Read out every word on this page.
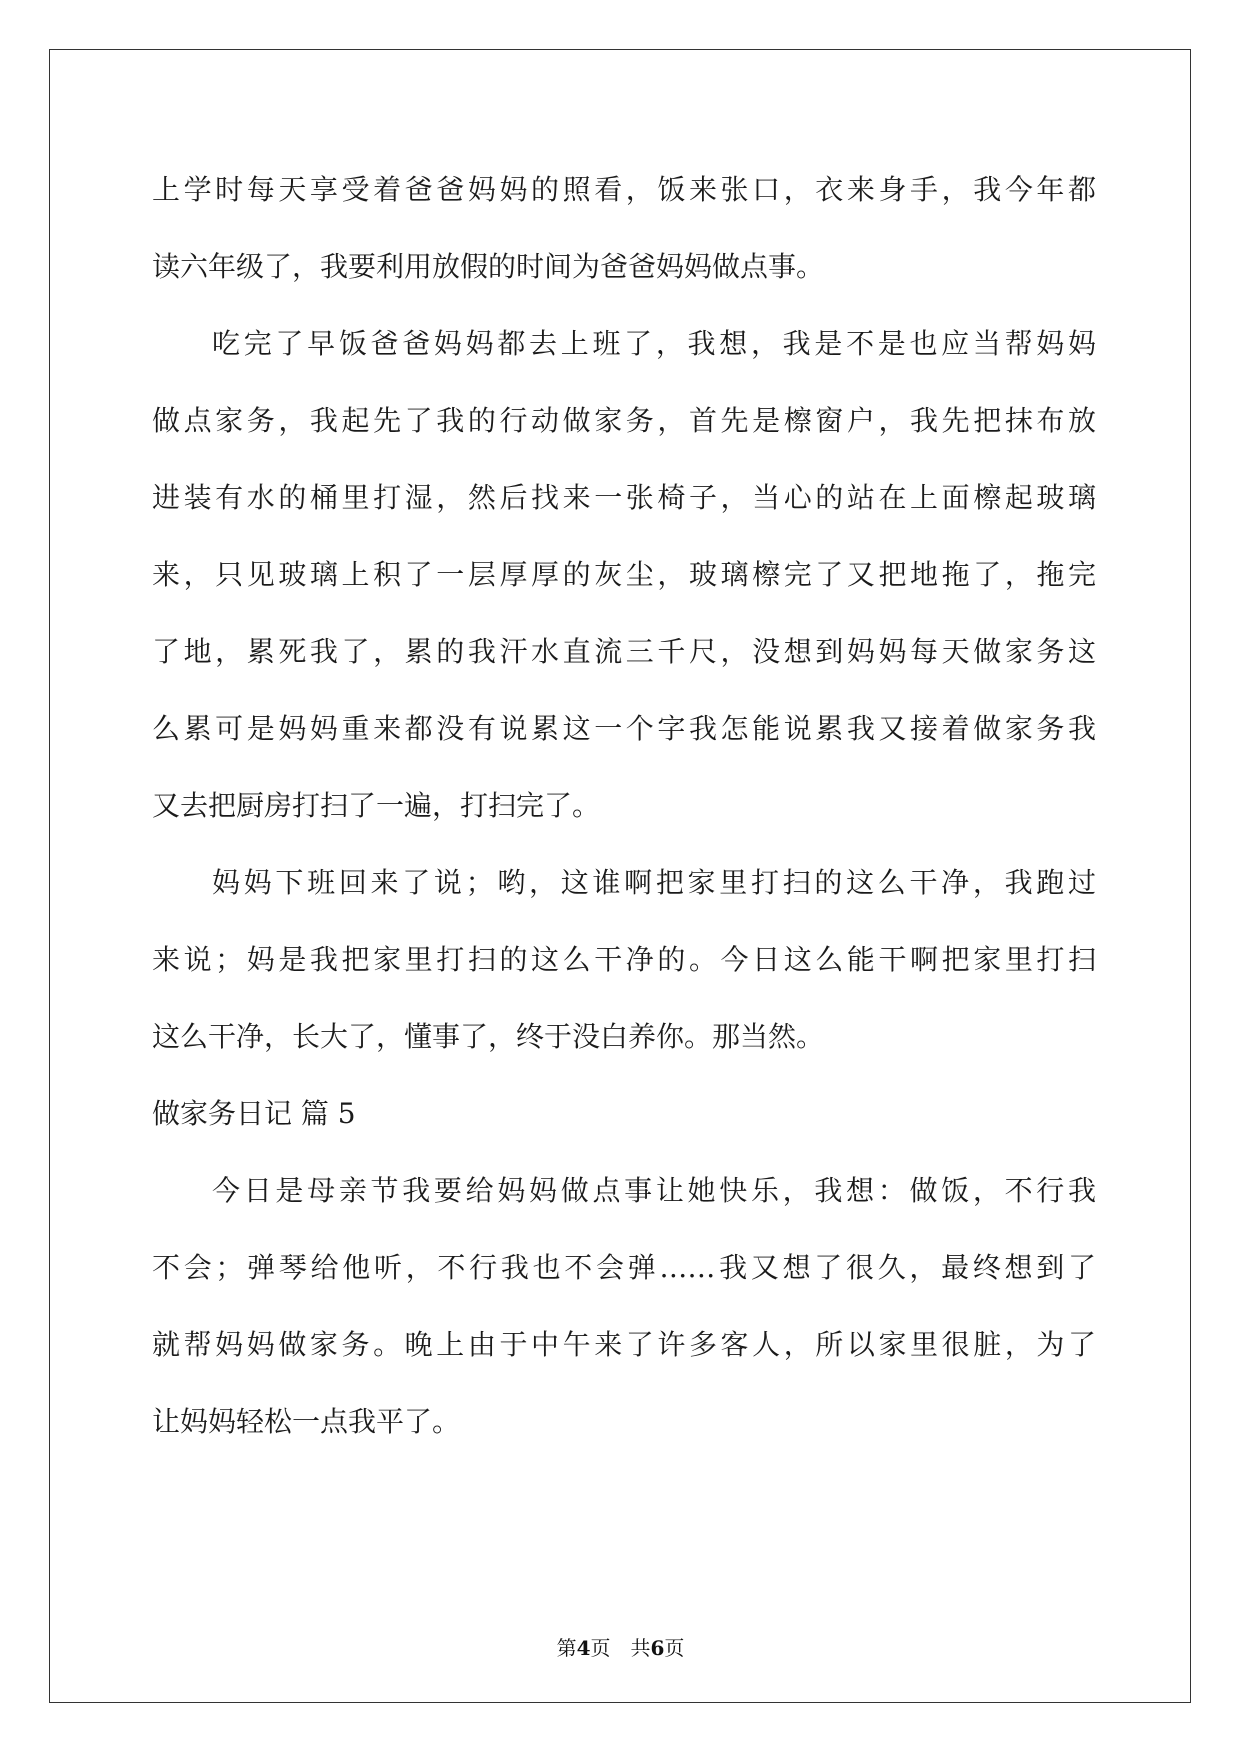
上学时每天享受着爸爸妈妈的照看，饭来张口，衣来身手，我今年都
读六年级了，我要利用放假的时间为爸爸妈妈做点事。
吃完了早饭爸爸妈妈都去上班了，我想，我是不是也应当帮妈妈
做点家务，我起先了我的行动做家务，首先是檫窗户，我先把抹布放
进装有水的桶里打湿，然后找来一张椅子，当心的站在上面檫起玻璃
来，只见玻璃上积了一层厚厚的灰尘，玻璃檫完了又把地拖了，拖完
了地，累死我了，累的我汗水直流三千尺，没想到妈妈每天做家务这
么累可是妈妈重来都没有说累这一个字我怎能说累我又接着做家务我
又去把厨房打扫了一遍，打扫完了。
妈妈下班回来了说；哟，这谁啊把家里打扫的这么干净，我跑过
来说；妈是我把家里打扫的这么干净的。今日这么能干啊把家里打扫
这么干净，长大了，懂事了，终于没白养你。那当然。
做家务日记 篇 5
今日是母亲节我要给妈妈做点事让她快乐，我想：做饭，不行我
不会；弹琴给他听，不行我也不会弹……我又想了很久，最终想到了
就帮妈妈做家务。晚上由于中午来了许多客人，所以家里很脏，为了
让妈妈轻松一点我平了。
第4页 共6页
